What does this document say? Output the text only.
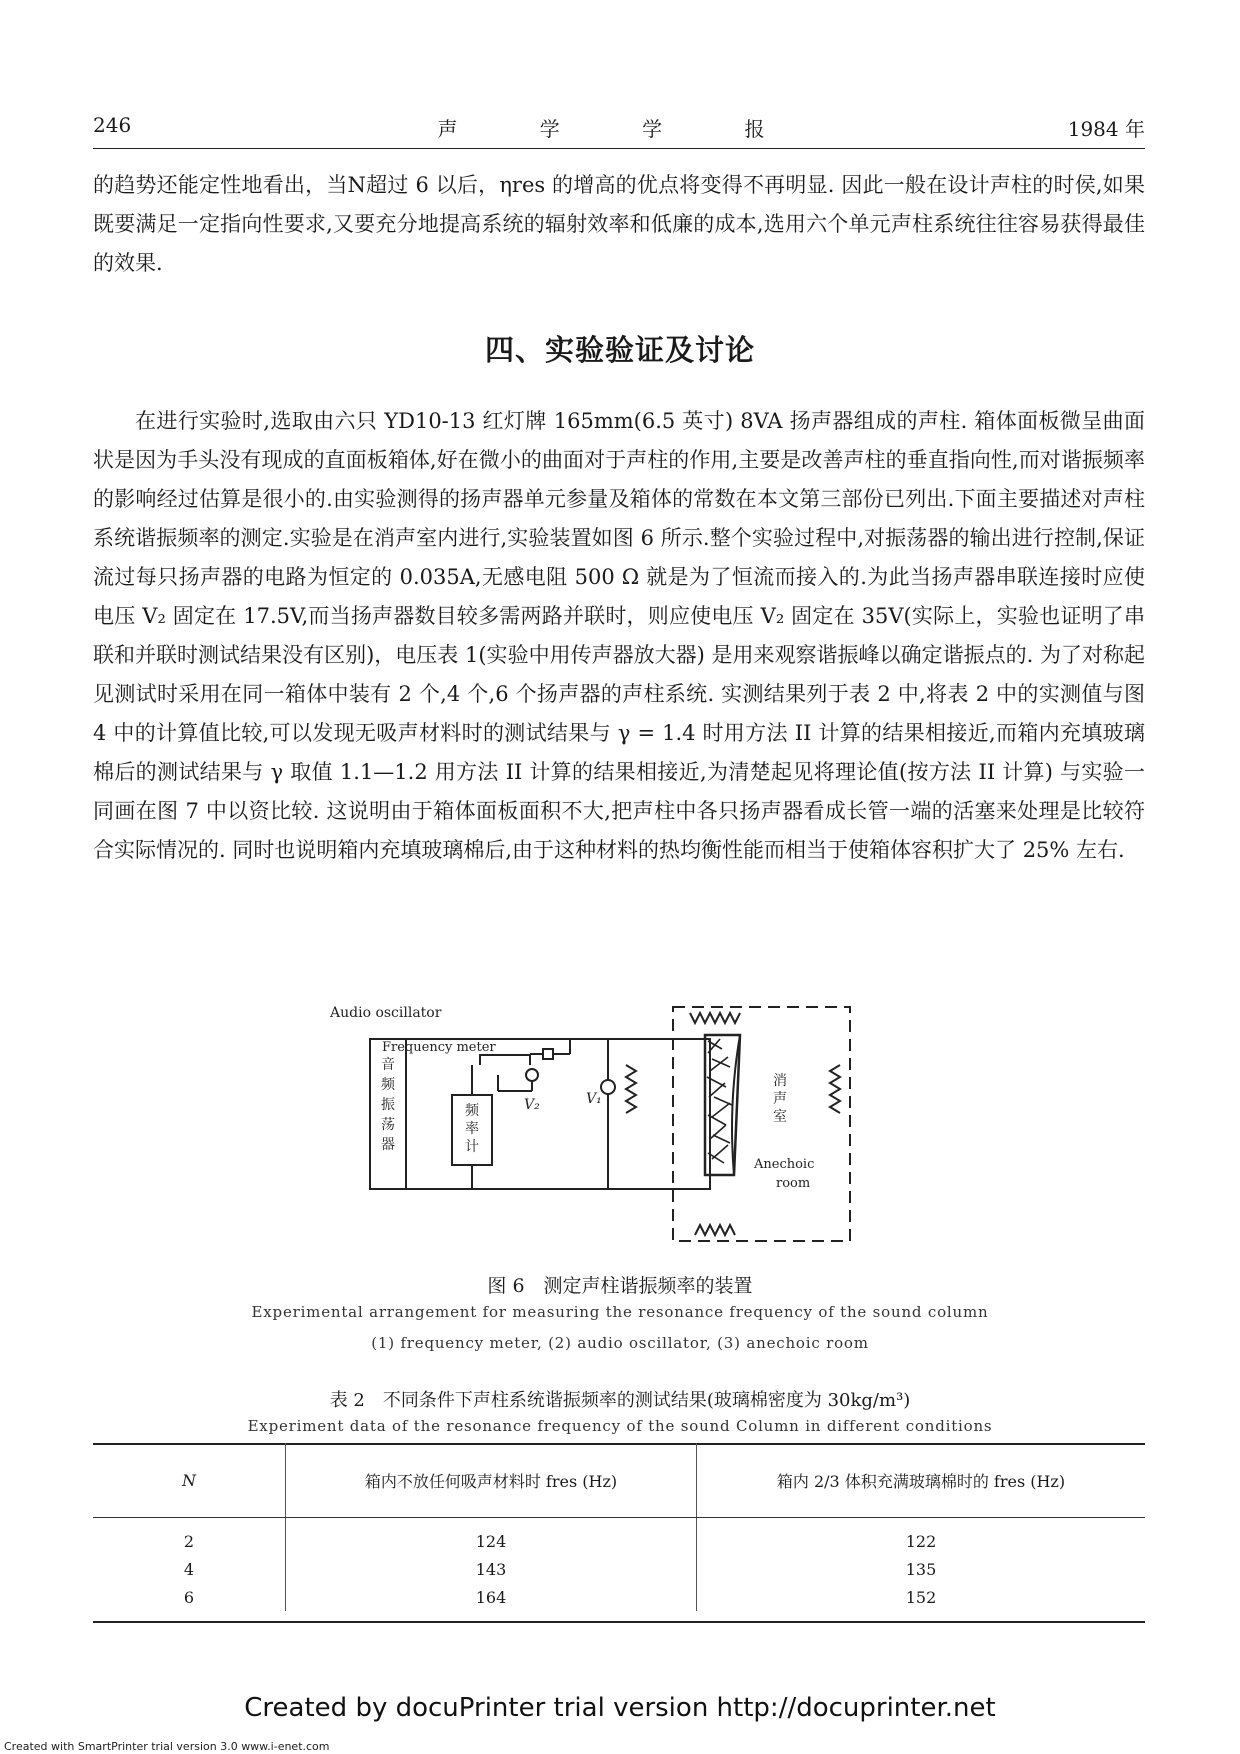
246	声 学 学 报	1984 年
的趋势还能定性地看出，当N超过 6 以后，ηres 的增高的优点将变得不再明显. 因此一般在设计声柱的时侯,如果既要满足一定指向性要求,又要充分地提高系统的辐射效率和低廉的成本,选用六个单元声柱系统往往容易获得最佳的效果.
四、实验验证及讨论
在进行实验时,选取由六只 YD10-13 红灯牌 165mm(6.5 英寸) 8VA 扬声器组成的声柱. 箱体面板微呈曲面状是因为手头没有现成的直面板箱体,好在微小的曲面对于声柱的作用,主要是改善声柱的垂直指向性,而对谐振频率的影响经过估算是很小的.由实验测得的扬声器单元参量及箱体的常数在本文第三部份已列出.下面主要描述对声柱系统谐振频率的测定.实验是在消声室内进行,实验装置如图 6 所示.整个实验过程中,对振荡器的输出进行控制,保证流过每只扬声器的电路为恒定的 0.035A,无感电阻 500 Ω 就是为了恒流而接入的.为此当扬声器串联连接时应使电压 V₂ 固定在 17.5V,而当扬声器数目较多需两路并联时，则应使电压 V₂ 固定在 35V(实际上，实验也证明了串联和并联时测试结果没有区别)，电压表 1(实验中用传声器放大器) 是用来观察谐振峰以确定谐振点的. 为了对称起见测试时采用在同一箱体中装有 2 个,4 个,6 个扬声器的声柱系统. 实测结果列于表 2 中,将表 2 中的实测值与图 4 中的计算值比较,可以发现无吸声材料时的测试结果与 γ = 1.4 时用方法 II 计算的结果相接近,而箱内充填玻璃棉后的测试结果与 γ 取值 1.1—1.2 用方法 II 计算的结果相接近,为清楚起见将理论值(按方法 II 计算) 与实验一同画在图 7 中以资比较. 这说明由于箱体面板面积不大,把声柱中各只扬声器看成长管一端的活塞来处理是比较符合实际情况的. 同时也说明箱内充填玻璃棉后,由于这种材料的热均衡性能而相当于使箱体容积扩大了 25% 左右.
Audio oscillator
Frequency meter
音
频
振
荡
器
频
率
计
消
声
室
V₂	V₁
Anechoic
room
图 6　测定声柱谐振频率的装置
Experimental arrangement for measuring the resonance frequency of the sound column
(1) frequency meter, (2) audio oscillator, (3) anechoic room
表 2　不同条件下声柱系统谐振频率的测试结果(玻璃棉密度为 30kg/m³)
Experiment data of the resonance frequency of the sound Column in different conditions
N	箱内不放任何吸声材料时 fres (Hz)	箱内 2/3 体积充满玻璃棉时的 fres (Hz)
2	124	122
4	143	135
6	164	152
Created by docuPrinter trial version http://docuprinter.net
Created with SmartPrinter trial version 3.0 www.i-enet.com
